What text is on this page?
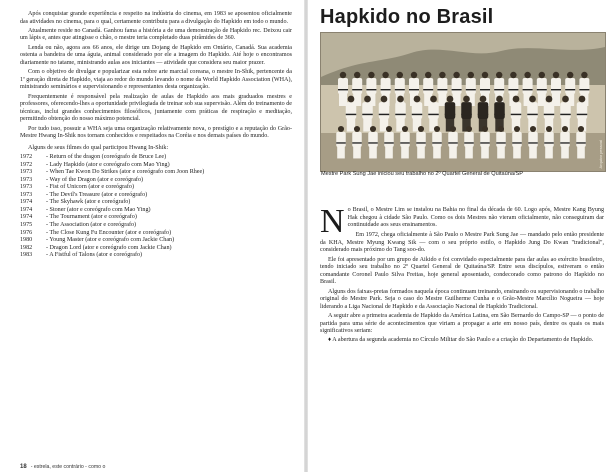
Após conquistar grande experiência e respeito na indústria do cinema, em 1983 se aposentou oficialmente das atividades no cinema, para o qual, certamente contribuiu para a divulgação do Hapkido em todo o mundo.

Atualmente reside no Canadá. Ganhou fama a história a de uma demonstração de Hapkido rec. Deixou cair um lápis e, antes que atingisse o chão, o mestre teria completado duas pirâmides de 360.

Lenda ou não, agora aos 66 anos, ele dirige um Dojang de Hapkido em Ontário, Canadá. Sua academia ostenta a bandeira de uma águia, animal considerado por ele a imagem do Hapkido. Até hoje o encontramos diariamente no tatame, ministrando aulas aos iniciantes — atividade que considera seu maior prazer.

Com o objetivo de divulgar e popularizar esta nobre arte marcial coreana, o mestre In-Shik, pertencente da 1ª geração direta de Hapkido, viaja ao redor do mundo levando o nome da World Hapkido Association (WHA), ministrando seminários e supervisionando e representantes desta organização.

Frequentemente é responsável pela realização de aulas de Hapkido aos mais graduados mestres e professores, oferecendo-lhes a oportunidade privilegiada de treinar sob sua supervisão. Além do treinamento de técnicas, inclui grandes conhecimentos filosóficos, juntamente com práticas de respiração e meditação, permitindo obtenção do nosso máximo potencial.

Por tudo isso, possuir a WHA seja uma organização relativamente nova, o prestígio e a reputação do Grão-Mestre Hwang In-Shik nos tornam conhecidos e respeitados na Coréia e nos demais países do mundo.

Alguns de seus filmes do qual participou Hwang In-Shik:

1972	- Return of the dragon (coreógrafo de Bruce Lee)
1972	- Lady Hapkido (ator e coreógrafo com Mao Ying)
1973	- When Tae Kwon Do Strikes (ator e coreógrafo com Joon Rhee)
1973	- Way of the Dragon (ator e coreógrafo)
1973	- Fist of Unicorn (ator e coreógrafo)
1973	- The Devil's Treasure (ator e coreógrafo)
1974	- The Skyhawk (ator e coreógrafo)
1974	- Stoner (ator e coreógrafo com Mao Ying)
1974	- The Tournament (ator e coreógrafo)
1975	- The Association (ator e coreógrafo)
1976	- The Close Kung Fu Encounter (ator e coreógrafo)
1980	- Young Master (ator e coreógrafo com Jackie Chan)
1982	- Dragon Lord (ator e coreógrafo com Jackie Chan)
1983	- A Fistful of Talons (ator e coreógrafo)
18 - estrela, este contrário - como o
Hapkido no Brasil
Arquivo pessoal
Mestre Park Sung Jae iniciou seu trabalho no 2º Quartel General de Quitaúna/SP

No Brasil, o Mestre Lim se instalou na Bahia no final da década de 60. Logo após, Mestre Kang Byung Hak chegou à cidade São Paulo. Como os dois Mestres não vieram oficialmente, não conseguiram dar continuidade aos seus ensinamentos.

Em 1972, chega oficialmente à São Paulo o Mestre Park Sung Jae — mandado pelo então presidente da KHA, Mestre Myung Kwang Sik — com o seu próprio estilo, o Hapkido Jung Do Kwan "tradicional", considerado mais próximo do Tang soo-do.

Ele foi apresentado por um grupo de Aikido e foi convidado especialmente para dar aulas ao exército brasileiro, tendo iniciado seu trabalho no 2º Quartel General de Quitaúna/SP. Entre seus discípulos, estiveram o então comandante Coronel Paulo Silva Freitas, hoje general aposentado, condecorado como patrono do Hapkido no Brasil.

Alguns dos faixas-pretas formados naquela época continuam treinando, ensinando ou supervisionando o trabalho original do Mestre Park. Seja o caso do Mestre Guilherme Cunha e o Grão-Mestre Marcílio Nogueira — hoje liderando a Liga Nacional de Hapkido e da Associação Nacional de Hapkido Tradicional.

A seguir abre a primeira academia de Hapkido da América Latina, em São Bernardo do Campo-SP — o ponto de partida para uma série de acontecimentos que viriam a propagar a arte em nosso país, dentre os quais os mais significativos seriam:

♦ A abertura da segunda academia no Círculo Militar do São Paulo e a criação do Departamento de Hapkido.
